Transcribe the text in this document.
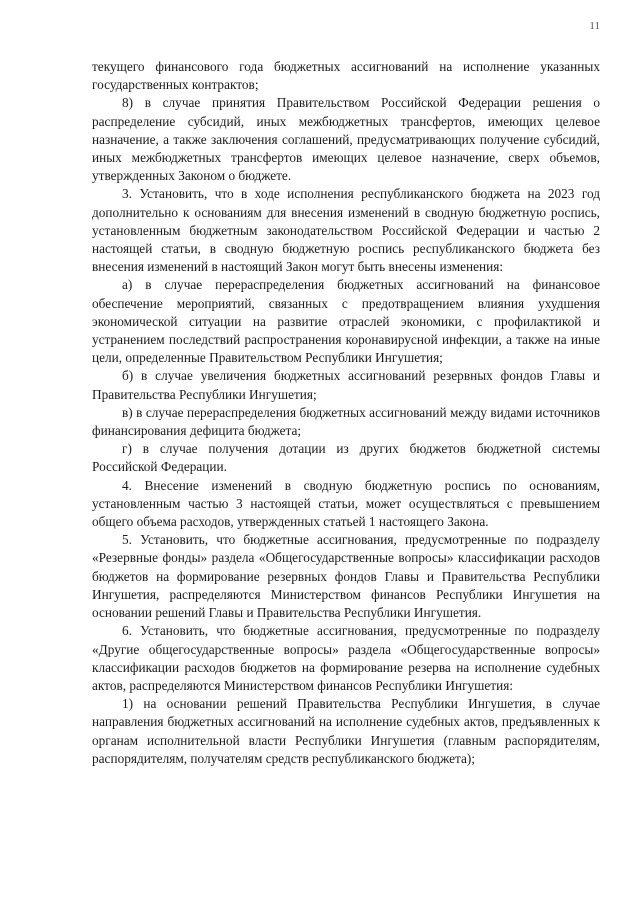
11

текущего финансового года бюджетных ассигнований на исполнение указанных государственных контрактов;

8) в случае принятия Правительством Российской Федерации решения о распределение субсидий, иных межбюджетных трансфертов, имеющих целевое назначение, а также заключения соглашений, предусматривающих получение субсидий, иных межбюджетных трансфертов имеющих целевое назначение, сверх объемов, утвержденных Законом о бюджете.

3. Установить, что в ходе исполнения республиканского бюджета на 2023 год дополнительно к основаниям для внесения изменений в сводную бюджетную роспись, установленным бюджетным законодательством Российской Федерации и частью 2 настоящей статьи, в сводную бюджетную роспись республиканского бюджета без внесения изменений в настоящий Закон могут быть внесены изменения:

а) в случае перераспределения бюджетных ассигнований на финансовое обеспечение мероприятий, связанных с предотвращением влияния ухудшения экономической ситуации на развитие отраслей экономики, с профилактикой и устранением последствий распространения коронавирусной инфекции, а также на иные цели, определенные Правительством Республики Ингушетия;

б) в случае увеличения бюджетных ассигнований резервных фондов Главы и Правительства Республики Ингушетия;

в) в случае перераспределения бюджетных ассигнований между видами источников финансирования дефицита бюджета;

г) в случае получения дотации из других бюджетов бюджетной системы Российской Федерации.

4. Внесение изменений в сводную бюджетную роспись по основаниям, установленным частью 3 настоящей статьи, может осуществляться с превышением общего объема расходов, утвержденных статьей 1 настоящего Закона.

5. Установить, что бюджетные ассигнования, предусмотренные по подразделу «Резервные фонды» раздела «Общегосударственные вопросы» классификации расходов бюджетов на формирование резервных фондов Главы и Правительства Республики Ингушетия, распределяются Министерством финансов Республики Ингушетия на основании решений Главы и Правительства Республики Ингушетия.

6. Установить, что бюджетные ассигнования, предусмотренные по подразделу «Другие общегосударственные вопросы» раздела «Общегосударственные вопросы» классификации расходов бюджетов на формирование резерва на исполнение судебных актов, распределяются Министерством финансов Республики Ингушетия:

1) на основании решений Правительства Республики Ингушетия, в случае направления бюджетных ассигнований на исполнение судебных актов, предъявленных к органам исполнительной власти Республики Ингушетия (главным распорядителям, распорядителям, получателям средств республиканского бюджета);
